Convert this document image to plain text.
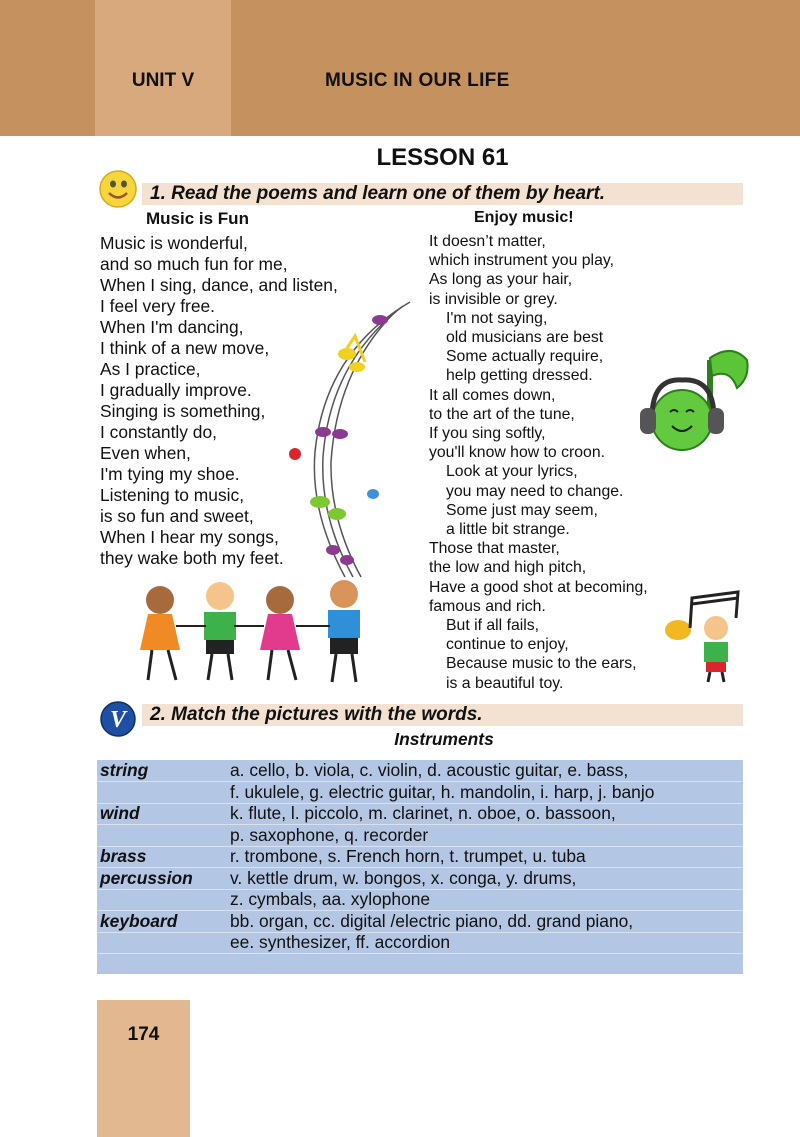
UNIT V	MUSIC IN OUR LIFE
LESSON 61
1. Read the poems and learn one of them by heart.
Music is Fun
Music is wonderful,
and so much fun for me,
When I sing, dance, and listen,
I feel very free.
When I'm dancing,
I think of a new move,
As I practice,
I gradually improve.
Singing is something,
I constantly do,
Even when,
I'm tying my shoe.
Listening to music,
is so fun and sweet,
When I hear my songs,
they wake both my feet.
Enjoy music!
It doesn’t matter,
which instrument you play,
As long as your hair,
is invisible or grey.
I'm not saying,
old musicians are best
Some actually require,
help getting dressed.
It all comes down,
to the art of the tune,
If you sing softly,
you'll know how to croon.
Look at your lyrics,
you may need to change.
Some just may seem,
a little bit strange.
Those that master,
the low and high pitch,
Have a good shot at becoming,
famous and rich.
But if all fails,
continue to enjoy,
Because music to the ears,
is a beautiful toy.
V 2. Match the pictures with the words.
Instruments
string	a. cello, b. viola, c. violin, d. acoustic guitar, e. bass,
f. ukulele, g. electric guitar, h. mandolin, i. harp, j. banjo
wind	k. flute, l. piccolo, m. clarinet, n. oboe, o. bassoon,
p. saxophone, q. recorder
brass	r. trombone, s. French horn, t. trumpet, u. tuba
percussion v. kettle drum, w. bongos, x. conga, y. drums,
z. cymbals, aa. xylophone
keyboard	bb. organ, cc. digital /electric piano, dd. grand piano,
ee. synthesizer, ff. accordion
174
